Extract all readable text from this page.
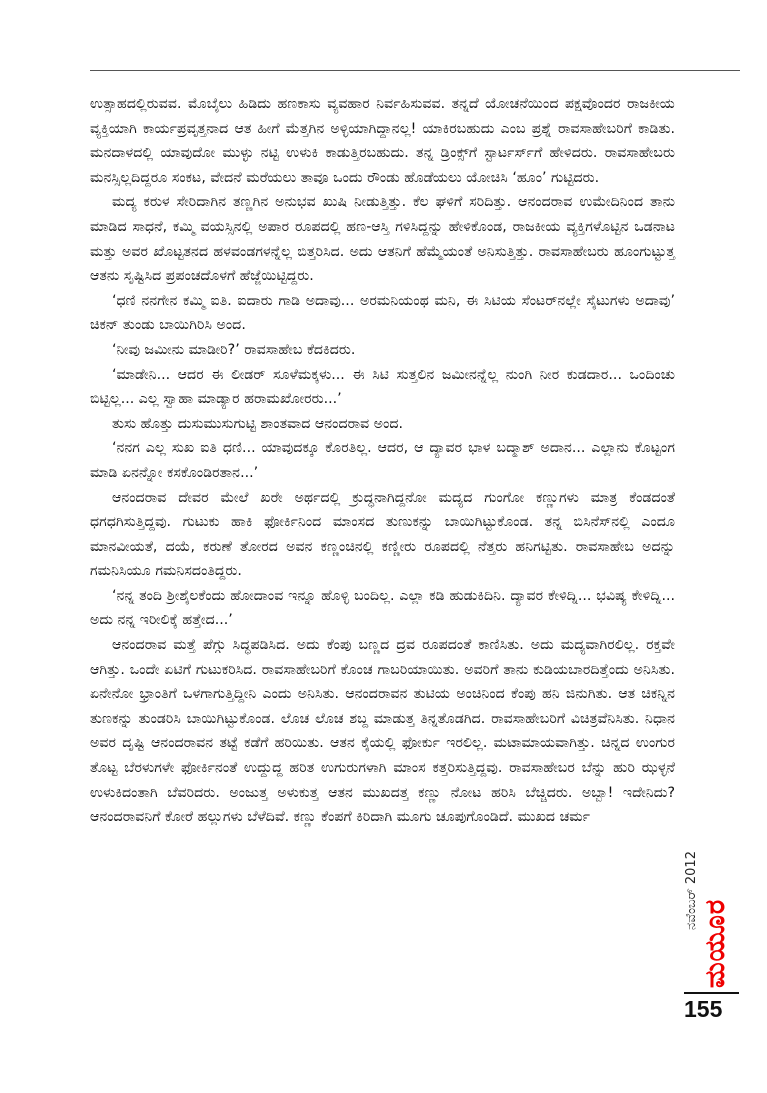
ಉತ್ಸಾಹದಲ್ಲಿರುವವ. ಮೊಬೈಲು ಹಿಡಿದು ಹಣಕಾಸು ವ್ಯವಹಾರ ನಿರ್ವಹಿಸುವವ. ತನ್ನದೆ ಯೋಚನೆಯಿಂದ ಪಕ್ಷವೊಂದರ ರಾಜಕೀಯ ವ್ಯಕ್ತಿಯಾಗಿ ಕಾರ್ಯಪ್ರವೃತ್ತನಾದ ಆತ ಹೀಗೆ ಮೆತ್ತಗಿನ ಅಳ್ಳಿಯಾಗಿದ್ದಾನಲ್ಲ! ಯಾಕಿರಬಹುದು ಎಂಬ ಪ್ರಶ್ನೆ ರಾವಸಾಹೇಬರಿಗೆ ಕಾಡಿತು. ಮನದಾಳದಲ್ಲಿ ಯಾವುದೋ ಮುಳ್ಳು ನಟ್ಟಿ ಉಳುಕಿ ಕಾಡುತ್ತಿರಬಹುದು. ತನ್ನ ಡ್ರಿಂಕ್ಸ್‌ಗೆ ಸ್ಟಾರ್ಟರ್ಸ್‌ಗೆ ಹೇಳಿದರು. ರಾವಸಾಹೇಬರು ಮನಸ್ಸಿಲ್ಲದಿದ್ದರೂ ಸಂಕಟ, ವೇದನೆ ಮರೆಯಲು ತಾವೂ ಒಂದು ರೌಂಡು ಹೊಡೆಯಲು ಯೋಚಿಸಿ ‘ಹೂಂ’ ಗುಟ್ಟಿದರು.

ಮದ್ಯ ಕರುಳ ಸೇರಿದಾಗಿನ ತಣ್ಣಗಿನ ಅನುಭವ ಖುಷಿ ನೀಡುತ್ತಿತ್ತು. ಕೆಲ ಘಳಿಗೆ ಸರಿದಿತ್ತು. ಆನಂದರಾವ ಉಮೇದಿನಿಂದ ತಾನು ಮಾಡಿದ ಸಾಧನೆ, ಕಮ್ಮಿ ವಯಸ್ಸಿನಲ್ಲಿ ಅಪಾರ ರೂಪದಲ್ಲಿ ಹಣ-ಆಸ್ತಿ ಗಳಿಸಿದ್ದನ್ನು ಹೇಳಿಕೊಂಡ, ರಾಜಕೀಯ ವ್ಯಕ್ತಿಗಳೊಟ್ಟಿನ ಒಡನಾಟ ಮತ್ತು ಅವರ ಖೊಟ್ಟತನದ ಹಳವಂಡಗಳನ್ನೆಲ್ಲ ಬಿತ್ತರಿಸಿದ. ಅದು ಆತನಿಗೆ ಹೆಮ್ಮೆಯಂತೆ ಅನಿಸುತ್ತಿತ್ತು. ರಾವಸಾಹೇಬರು ಹೂಂಗುಟ್ಟುತ್ತ ಆತನು ಸೃಷ್ಟಿಸಿದ ಪ್ರಪಂಚದೊಳಗೆ ಹೆಜ್ಜೆಯಿಟ್ಟಿದ್ದರು.

‘ಧಣಿ ನನಗೇನ ಕಮ್ಮಿ ಐತಿ. ಐದಾರು ಗಾಡಿ ಅದಾವು... ಅರಮನಿಯಂಥ ಮನಿ, ಈ ಸಿಟಿಯ ಸೆಂಟರ್‌ನಲ್ಲೇ ಸೈಟುಗಳು ಅದಾವು’ ಚಿಕನ್ ತುಂಡು ಬಾಯಿಗಿರಿಸಿ ಅಂದ.

‘ನೀವು ಜಮೀನು ಮಾಡೀರಿ?’ ರಾವಸಾಹೇಬ ಕೆದಕಿದರು.

‘ಮಾಡೇನಿ... ಆದರ ಈ ಲೀಡರ್ ಸೂಳೆಮಕ್ಕಳು... ಈ ಸಿಟಿ ಸುತ್ತಲಿನ ಜಮೀನನ್ನೆಲ್ಲ ನುಂಗಿ ನೀರ ಕುಡದಾರ... ಒಂದಿಂಚು ಬಿಟ್ಟಿಲ್ಲ... ಎಲ್ಲ ಸ್ವಾಹಾ ಮಾಡ್ಯಾರ ಹರಾಮಖೋರರು...’

ತುಸು ಹೊತ್ತು ದುಸುಮುಸುಗುಟ್ಟಿ ಶಾಂತವಾದ ಆನಂದರಾವ ಅಂದ.

‘ನನಗ ಎಲ್ಲ ಸುಖ ಐತಿ ಧಣಿ... ಯಾವುದಕ್ಕೂ ಕೊರತಿಲ್ಲ. ಆದರ, ಆ ದ್ಯಾವರ ಭಾಳ ಬದ್ಮಾಶ್ ಅದಾನ... ಎಲ್ಲಾನು ಕೊಟ್ಟಂಗ ಮಾಡಿ ಏನನ್ನೋ ಕಸಕೊಂಡಿರತಾನ...’

ಆನಂದರಾವ ದೇವರ ಮೇಲೆ ಖರೇ ಅರ್ಥದಲ್ಲಿ ಕ್ರುದ್ಧನಾಗಿದ್ದನೋ ಮದ್ಯದ ಗುಂಗೋ ಕಣ್ಣುಗಳು ಮಾತ್ರ ಕೆಂಡದಂತೆ ಧಗಧಗಿಸುತ್ತಿದ್ದವು. ಗುಟುಕು ಹಾಕಿ ಫೋರ್ಕಿನಿಂದ ಮಾಂಸದ ತುಣುಕನ್ನು ಬಾಯಿಗಿಟ್ಟುಕೊಂಡ. ತನ್ನ ಬಿಸಿನೆಸ್‌ನಲ್ಲಿ ಎಂದೂ ಮಾನವೀಯತೆ, ದಯೆ, ಕರುಣೆ ತೋರದ ಅವನ ಕಣ್ಣಂಚಿನಲ್ಲಿ ಕಣ್ಣೀರು ರೂಪದಲ್ಲಿ ನೆತ್ತರು ಹನಿಗಟ್ಟಿತು. ರಾವಸಾಹೇಬ ಅದನ್ನು ಗಮನಿಸಿಯೂ ಗಮನಿಸದಂತಿದ್ದರು.

‘ನನ್ನ ತಂದಿ ಶ್ರೀಶೈಲಕೆಂದು ಹೋದಾಂವ ಇನ್ನೂ ಹೊಳ್ಳಿ ಬಂದಿಲ್ಲ. ಎಲ್ಲಾ ಕಡಿ ಹುಡುಕಿದಿನಿ. ದ್ಯಾವರ ಕೇಳಿದ್ನಿ... ಭವಿಷ್ಯ ಕೇಳಿದ್ನಿ... ಅದು ನನ್ನ ಇರೀಲಿಕ್ಕೆ ಹತ್ತೇದ...’

ಆನಂದರಾವ ಮತ್ತೆ ಪೆಗ್ಗು ಸಿದ್ಧಪಡಿಸಿದ. ಅದು ಕೆಂಪು ಬಣ್ಣದ ದ್ರವ ರೂಪದಂತೆ ಕಾಣಿಸಿತು. ಅದು ಮದ್ಯವಾಗಿರಲಿಲ್ಲ. ರಕ್ತವೇ ಆಗಿತ್ತು. ಒಂದೇ ಏಟಿಗೆ ಗುಟುಕರಿಸಿದ. ರಾವಸಾಹೇಬರಿಗೆ ಕೊಂಚ ಗಾಬರಿಯಾಯಿತು. ಅವರಿಗೆ ತಾನು ಕುಡಿಯಬಾರದಿತ್ತೆಂದು ಅನಿಸಿತು. ಏನೇನೋ ಭ್ರಾಂತಿಗೆ ಒಳಗಾಗುತ್ತಿದ್ದೀನಿ ಎಂದು ಅನಿಸಿತು. ಆನಂದರಾವನ ತುಟಿಯ ಅಂಚಿನಿಂದ ಕೆಂಪು ಹನಿ ಜಿನುಗಿತು. ಆತ ಚಿಕನ್ನಿನ ತುಣಕನ್ನು ತುಂಡರಿಸಿ ಬಾಯಿಗಿಟ್ಟುಕೊಂಡ. ಲೊಚ ಲೊಚ ಶಬ್ದ ಮಾಡುತ್ತ ತಿನ್ನತೊಡಗಿದ. ರಾವಸಾಹೇಬರಿಗೆ ವಿಚಿತ್ರವೆನಿಸಿತು. ನಿಧಾನ ಅವರ ದೃಷ್ಟಿ ಆನಂದರಾವನ ತಟ್ಟೆ ಕಡೆಗೆ ಹರಿಯಿತು. ಆತನ ಕೈಯಲ್ಲಿ ಫೋರ್ಕು ಇರಲಿಲ್ಲ. ಮಟಾಮಾಯವಾಗಿತ್ತು. ಚಿನ್ನದ ಉಂಗುರ ತೊಟ್ಟ ಬೆರಳುಗಳೇ ಫೋರ್ಕಿನಂತೆ ಉದ್ದುದ್ದ ಹರಿತ ಉಗುರುಗಳಾಗಿ ಮಾಂಸ ಕತ್ತರಿಸುತ್ತಿದ್ದವು. ರಾವಸಾಹೇಬರ ಬೆನ್ನು ಹುರಿ ಝಳ್ಳನೆ ಉಳುಕಿದಂತಾಗಿ ಬೆವರಿದರು. ಅಂಜುತ್ತ ಅಳುಕುತ್ತ ಆತನ ಮುಖದತ್ತ ಕಣ್ಣು ನೋಟ ಹರಿಸಿ ಬೆಚ್ಚಿದರು. ಅಬ್ಬಾ! ಇದೇನಿದು? ಆನಂದರಾವನಿಗೆ ಕೋರೆ ಹಲ್ಲುಗಳು ಬೆಳೆದಿವೆ. ಕಣ್ಣು ಕೆಂಪಗೆ ಕಿರಿದಾಗಿ ಮೂಗು ಚೂಪುಗೊಂಡಿದೆ. ಮುಖದ ಚರ್ಮ

ನವೆಂಬರ್ 2012
ಮಯೂರ
155
